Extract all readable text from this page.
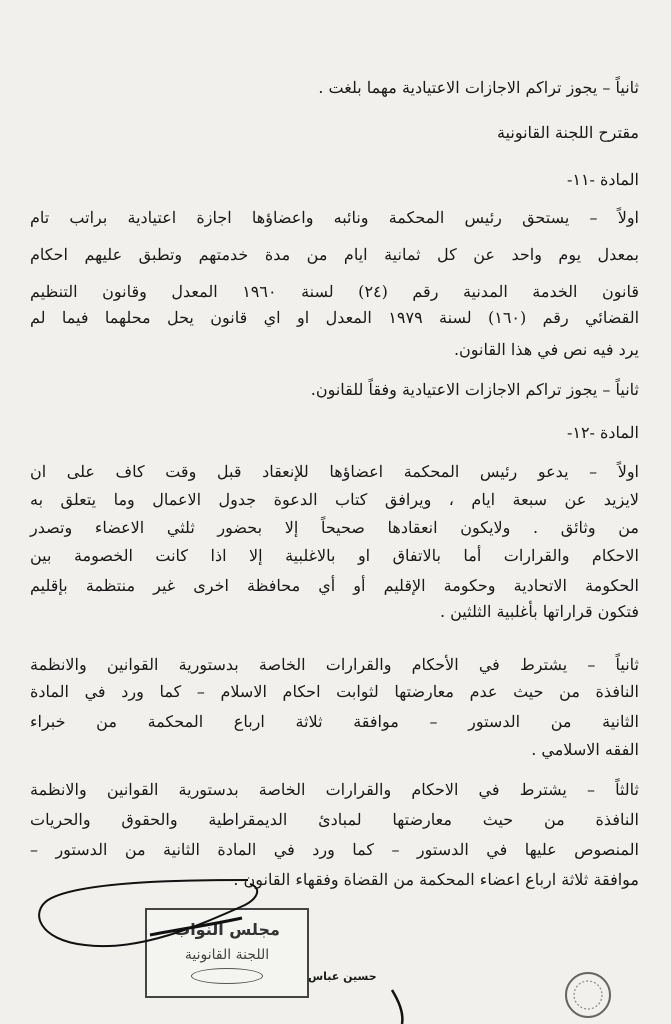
ثانياً – يجوز تراكم الاجازات الاعتيادية مهما بلغت .
مقترح اللجنة القانونية
المادة -١١-
اولاً – يستحق رئيس المحكمة ونائبه واعضاؤها اجازة اعتيادية براتب تام
بمعدل يوم واحد عن كل ثمانية ايام من مدة خدمتهم وتطبق عليهم احكام
قانون الخدمة المدنية رقم (٢٤) لسنة ١٩٦٠ المعدل وقانون التنظيم
القضائي رقم (١٦٠) لسنة ١٩٧٩ المعدل او اي قانون يحل محلهما فيما لم
يرد فيه نص في هذا القانون.
ثانياً – يجوز تراكم الاجازات الاعتيادية وفقاً للقانون.
المادة -١٢-
اولاً – يدعو رئيس المحكمة اعضاؤها للإنعقاد قبل وقت كاف على ان
لايزيد عن سبعة ايام ، ويرافق كتاب الدعوة جدول الاعمال وما يتعلق به
من وثائق . ولايكون انعقادها صحيحاً إلا بحضور ثلثي الاعضاء وتصدر
الاحكام والقرارات أما بالاتفاق او بالاغلبية إلا اذا كانت الخصومة بين
الحكومة الاتحادية وحكومة الإقليم أو أي محافظة اخرى غير منتظمة بإقليم
فتكون قراراتها بأغلبية الثلثين .
ثانياً – يشترط في الأحكام والقرارات الخاصة بدستورية القوانين والانظمة
النافذة من حيث عدم معارضتها لثوابت احكام الاسلام – كما ورد في المادة
الثانية من الدستور – موافقة ثلاثة ارباع المحكمة من خبراء
الفقه الاسلامي .
ثالثاً – يشترط في الاحكام والقرارات الخاصة بدستورية القوانين والانظمة
النافذة من حيث معارضتها لمبادئ الديمقراطية والحقوق والحريات
المنصوص عليها في الدستور – كما ورد في المادة الثانية من الدستور –
موافقة ثلاثة ارباع اعضاء المحكمة من القضاة وفقهاء القانون .
مجلس النواب
اللجنة القانونية
حسين عباس
